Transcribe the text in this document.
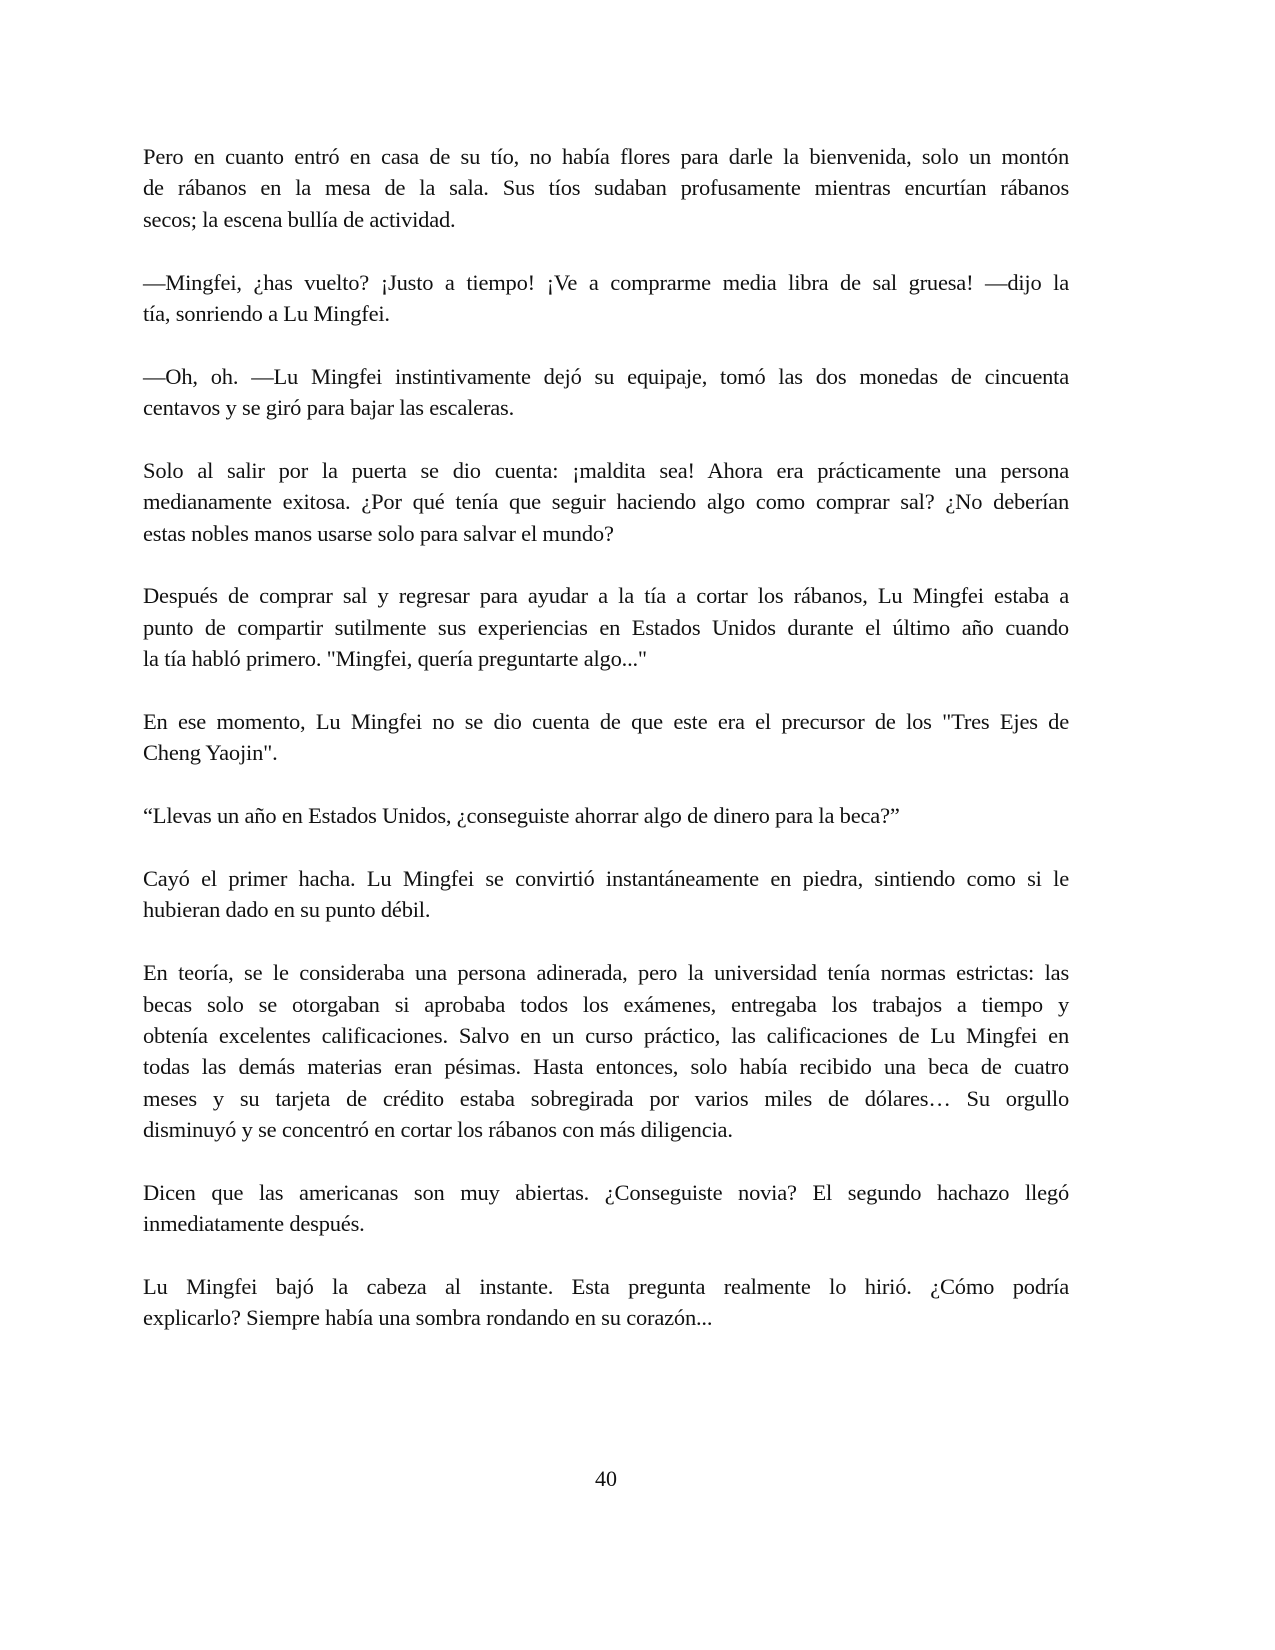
Pero en cuanto entró en casa de su tío, no había flores para darle la bienvenida, solo un montón
de rábanos en la mesa de la sala. Sus tíos sudaban profusamente mientras encurtían rábanos
secos; la escena bullía de actividad.

—Mingfei, ¿has vuelto? ¡Justo a tiempo! ¡Ve a comprarme media libra de sal gruesa! —dijo la
tía, sonriendo a Lu Mingfei.

—Oh, oh. —Lu Mingfei instintivamente dejó su equipaje, tomó las dos monedas de cincuenta
centavos y se giró para bajar las escaleras.

Solo al salir por la puerta se dio cuenta: ¡maldita sea! Ahora era prácticamente una persona
medianamente exitosa. ¿Por qué tenía que seguir haciendo algo como comprar sal? ¿No deberían
estas nobles manos usarse solo para salvar el mundo?

Después de comprar sal y regresar para ayudar a la tía a cortar los rábanos, Lu Mingfei estaba a
punto de compartir sutilmente sus experiencias en Estados Unidos durante el último año cuando
la tía habló primero. "Mingfei, quería preguntarte algo..."

En ese momento, Lu Mingfei no se dio cuenta de que este era el precursor de los "Tres Ejes de
Cheng Yaojin".

“Llevas un año en Estados Unidos, ¿conseguiste ahorrar algo de dinero para la beca?”

Cayó el primer hacha. Lu Mingfei se convirtió instantáneamente en piedra, sintiendo como si le
hubieran dado en su punto débil.

En teoría, se le consideraba una persona adinerada, pero la universidad tenía normas estrictas: las
becas solo se otorgaban si aprobaba todos los exámenes, entregaba los trabajos a tiempo y
obtenía excelentes calificaciones. Salvo en un curso práctico, las calificaciones de Lu Mingfei en
todas las demás materias eran pésimas. Hasta entonces, solo había recibido una beca de cuatro
meses y su tarjeta de crédito estaba sobregirada por varios miles de dólares… Su orgullo
disminuyó y se concentró en cortar los rábanos con más diligencia.

Dicen que las americanas son muy abiertas. ¿Conseguiste novia? El segundo hachazo llegó
inmediatamente después.

Lu Mingfei bajó la cabeza al instante. Esta pregunta realmente lo hirió. ¿Cómo podría
explicarlo? Siempre había una sombra rondando en su corazón...

40
